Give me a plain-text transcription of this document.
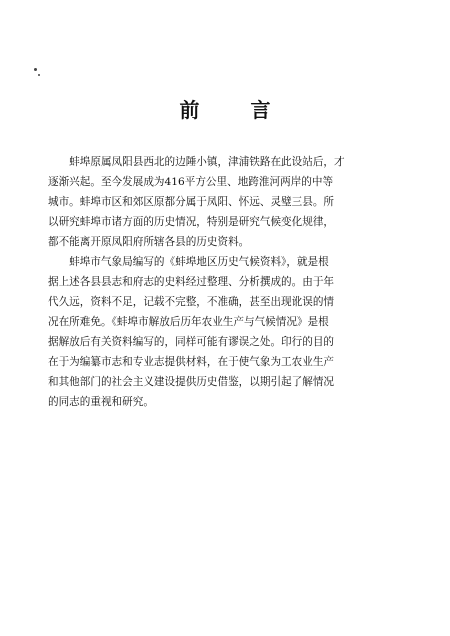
前 言
　　蚌埠原属凤阳县西北的边陲小镇，津浦铁路在此设站后，才
逐渐兴起。至今发展成为416平方公里、地跨淮河两岸的中等
城市。蚌埠市区和郊区原都分属于凤阳、怀远、灵璧三县。所
以研究蚌埠市诸方面的历史情况，特别是研究气候变化规律，
都不能离开原凤阳府所辖各县的历史资料。
　　蚌埠市气象局编写的《蚌埠地区历史气候资料》，就是根
据上述各县县志和府志的史料经过整理、分析撰成的。由于年
代久远，资料不足，记载不完整，不准确，甚至出现讹误的情
况在所难免。《蚌埠市解放后历年农业生产与气候情况》是根
据解放后有关资料编写的，同样可能有谬误之处。印行的目的
在于为编纂市志和专业志提供材料，在于使气象为工农业生产
和其他部门的社会主义建设提供历史借鉴，以期引起了解情况
的同志的重视和研究。
